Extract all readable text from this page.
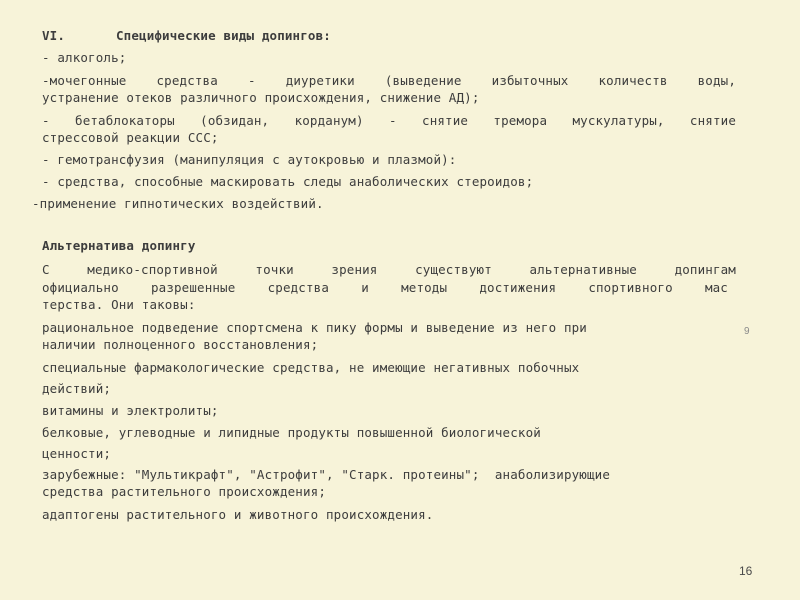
VI.	Специфические виды допингов:
- алкоголь;
-мочегонные средства - диуретики (выведение избыточных количеств воды,
устранение отеков различного происхождения, снижение АД);
- бетаблокаторы (обзидан, корданум) - снятие тремора мускулатуры, снятие
стрессовой реакции ССС;
- гемотрансфузия (манипуляция с аутокровью и плазмой):
- средства, способные маскировать следы анаболических стероидов;
-применение гипнотических воздействий.
Альтернатива допингу
С медико-спортивной точки зрения существуют альтернативные допингам
официально разрешенные средства и методы достижения спортивного мас
терства. Они таковы:
рациональное подведение спортсмена к пику формы и выведение из него при
наличии полноценного восстановления;
специальные фармакологические средства, не имеющие негативных побочных
действий;
витамины и электролиты;
белковые, углеводные и липидные продукты повышенной биологической
ценности;
зарубежные: "Мультикрафт", "Астрофит", "Старк. протеины";  анаболизирующие
средства растительного происхождения;
адаптогены растительного и животного происхождения.
9
16
